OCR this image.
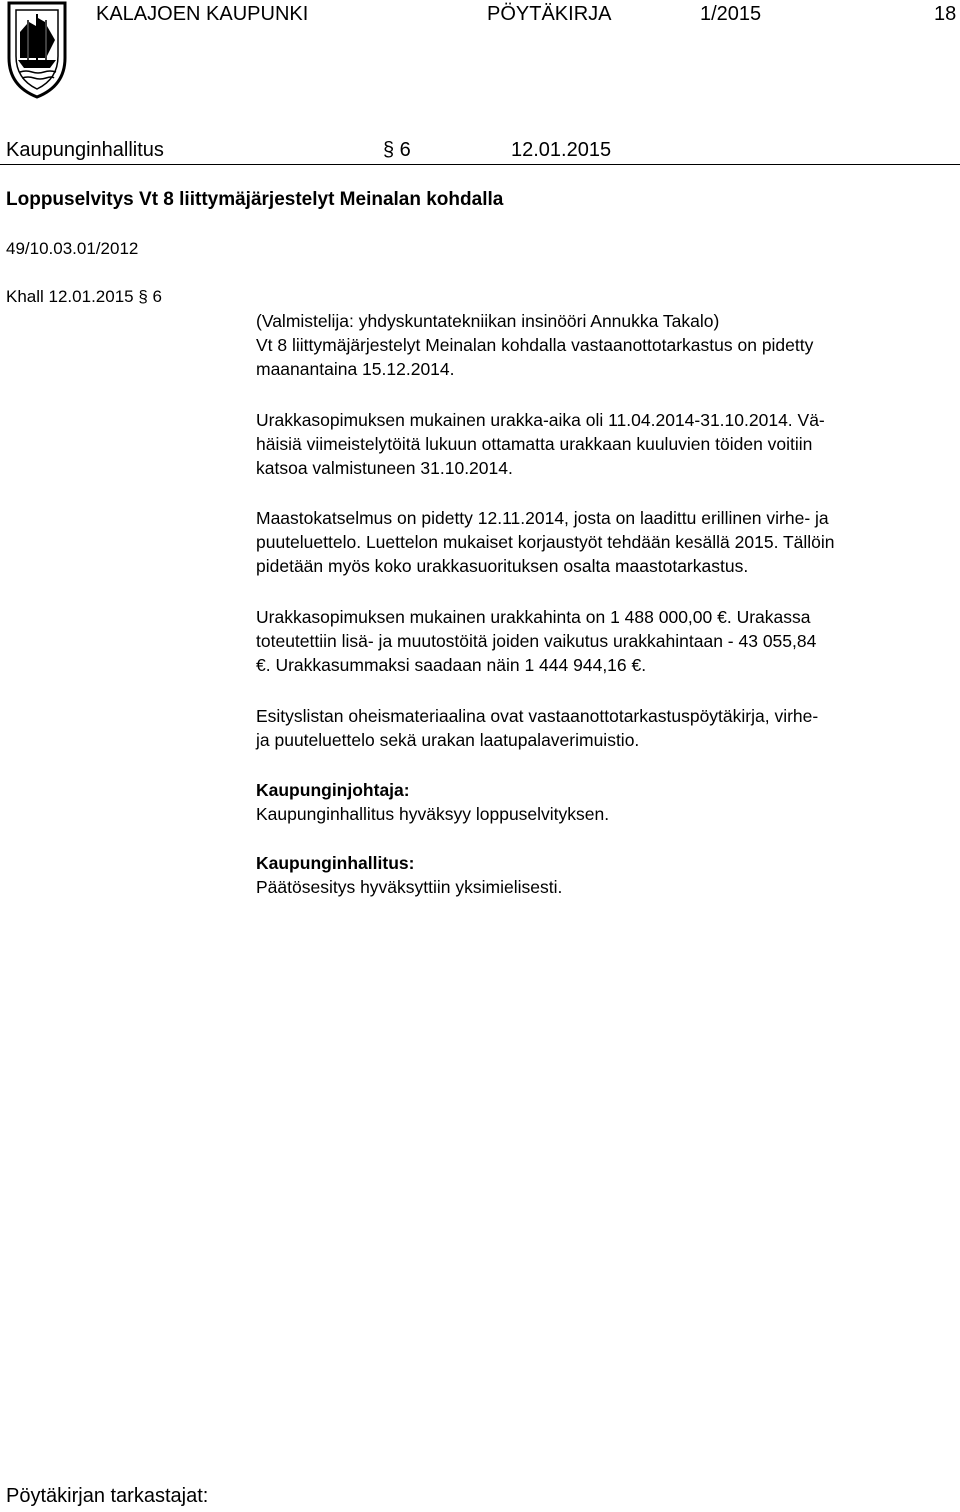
KALAJOEN KAUPUNKI	PÖYTÄKIRJA	1/2015	18
Kaupunginhallitus	§ 6	12.01.2015
Loppuselvitys Vt 8 liittymäjärjestelyt Meinalan kohdalla
49/10.03.01/2012
Khall 12.01.2015 § 6
(Valmistelija: yhdyskuntatekniikan insinööri Annukka Takalo)
Vt 8 liittymäjärjestelyt Meinalan kohdalla vastaanottotarkastus on pidetty
maanantaina 15.12.2014.
Urakkasopimuksen mukainen urakka-aika oli 11.04.2014-31.10.2014. Vä-
häisiä viimeistelytöitä lukuun ottamatta urakkaan kuuluvien töiden voitiin
katsoa valmistuneen 31.10.2014.
Maastokatselmus on pidetty 12.11.2014, josta on laadittu erillinen virhe- ja
puuteluettelo. Luettelon mukaiset korjaustyöt tehdään kesällä 2015. Tällöin
pidetään myös koko urakkasuorituksen osalta maastotarkastus.
Urakkasopimuksen mukainen urakkahinta on 1 488 000,00 €. Urakassa
toteutettiin lisä- ja muutostöitä joiden vaikutus urakkahintaan - 43 055,84
€. Urakkasummaksi saadaan näin 1 444 944,16 €.
Esityslistan oheismateriaalina ovat vastaanottotarkastuspöytäkirja, virhe-
ja puuteluettelo sekä urakan laatupalaverimuistio.
Kaupunginjohtaja:
Kaupunginhallitus hyväksyy loppuselvityksen.
Kaupunginhallitus:
Päätösesitys hyväksyttiin yksimielisesti.
Pöytäkirjan tarkastajat:
